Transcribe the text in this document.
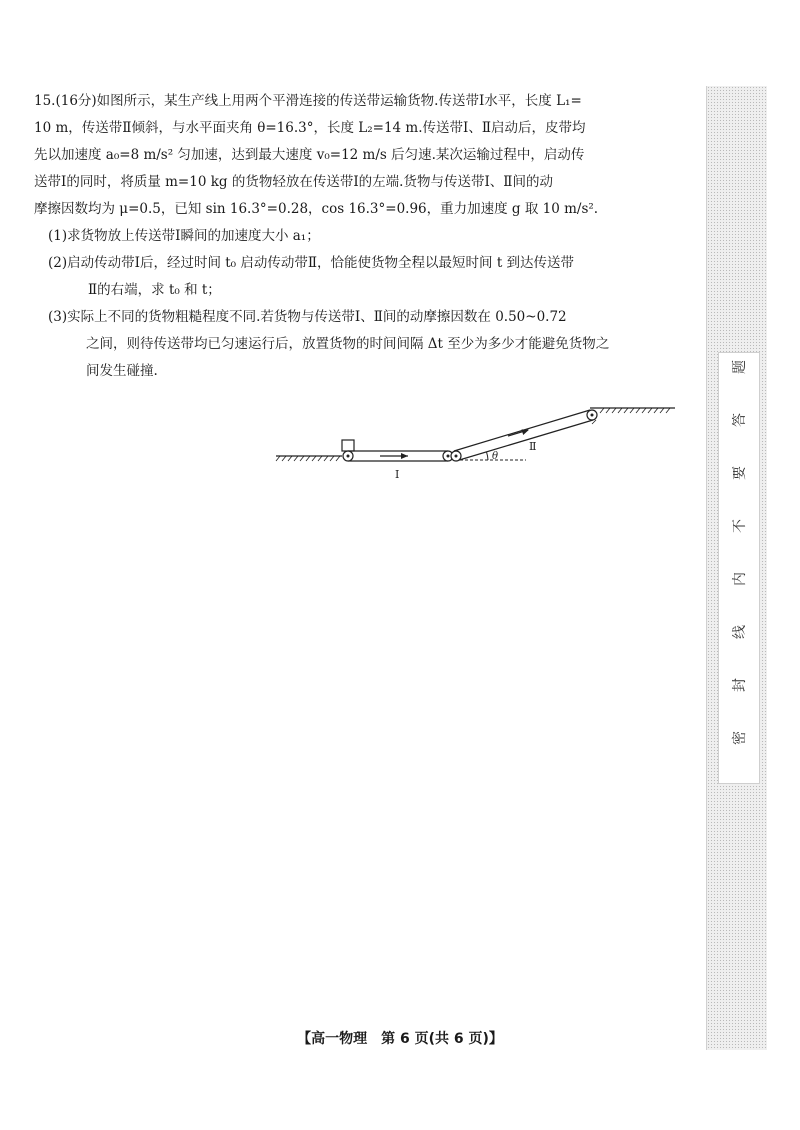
15.(16分)如图所示，某生产线上用两个平滑连接的传送带运输货物.传送带Ⅰ水平，长度 L₁=

10 m，传送带Ⅱ倾斜，与水平面夹角 θ=16.3°，长度 L₂=14 m.传送带Ⅰ、Ⅱ启动后，皮带均

先以加速度 a₀=8 m/s² 匀加速，达到最大速度 v₀=12 m/s 后匀速.某次运输过程中，启动传

送带Ⅰ的同时，将质量 m=10 kg 的货物轻放在传送带Ⅰ的左端.货物与传送带Ⅰ、Ⅱ间的动

摩擦因数均为 μ=0.5，已知 sin 16.3°=0.28，cos 16.3°=0.96，重力加速度 g 取 10 m/s².

(1)求货物放上传送带Ⅰ瞬间的加速度大小 a₁；

(2)启动传动带Ⅰ后，经过时间 t₀ 启动传动带Ⅱ，恰能使货物全程以最短时间 t 到达传送带

Ⅱ的右端，求 t₀ 和 t；

(3)实际上不同的货物粗糙程度不同.若货物与传送带Ⅰ、Ⅱ间的动摩擦因数在 0.50~0.72

之间，则待传送带均已匀速运行后，放置货物的时间间隔 Δt 至少为多少才能避免货物之

间发生碰撞.

Ⅰ
Ⅱ
θ
题
答
要
不
内
线
封
密
【高一物理　第 6 页(共 6 页)】
